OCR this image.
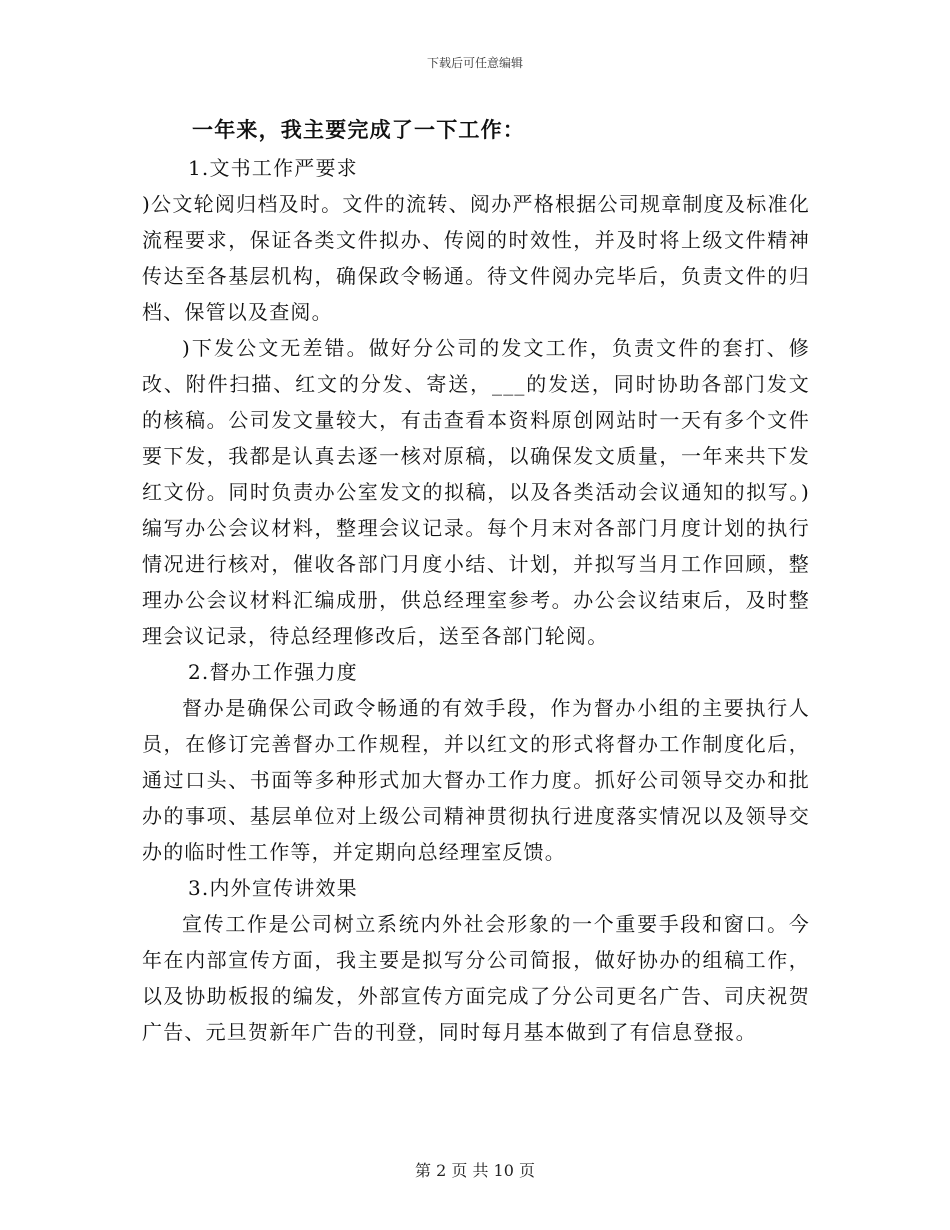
下载后可任意编辑

一年来，我主要完成了一下工作：

1.文书工作严要求

)公文轮阅归档及时。文件的流转、阅办严格根据公司规章制度及标准化流程要求，保证各类文件拟办、传阅的时效性，并及时将上级文件精神传达至各基层机构，确保政令畅通。待文件阅办完毕后，负责文件的归档、保管以及查阅。

)下发公文无差错。做好分公司的发文工作，负责文件的套打、修改、附件扫描、红文的分发、寄送，___的发送，同时协助各部门发文的核稿。公司发文量较大，有击查看本资料原创网站时一天有多个文件要下发，我都是认真去逐一核对原稿，以确保发文质量，一年来共下发红文份。同时负责办公室发文的拟稿，以及各类活动会议通知的拟写。)编写办公会议材料，整理会议记录。每个月末对各部门月度计划的执行情况进行核对，催收各部门月度小结、计划，并拟写当月工作回顾，整理办公会议材料汇编成册，供总经理室参考。办公会议结束后，及时整理会议记录，待总经理修改后，送至各部门轮阅。

2.督办工作强力度

督办是确保公司政令畅通的有效手段，作为督办小组的主要执行人员，在修订完善督办工作规程，并以红文的形式将督办工作制度化后，通过口头、书面等多种形式加大督办工作力度。抓好公司领导交办和批办的事项、基层单位对上级公司精神贯彻执行进度落实情况以及领导交办的临时性工作等，并定期向总经理室反馈。

3.内外宣传讲效果

宣传工作是公司树立系统内外社会形象的一个重要手段和窗口。今年在内部宣传方面，我主要是拟写分公司简报，做好协办的组稿工作，以及协助板报的编发，外部宣传方面完成了分公司更名广告、司庆祝贺广告、元旦贺新年广告的刊登，同时每月基本做到了有信息登报。

第 2 页 共 10 页
